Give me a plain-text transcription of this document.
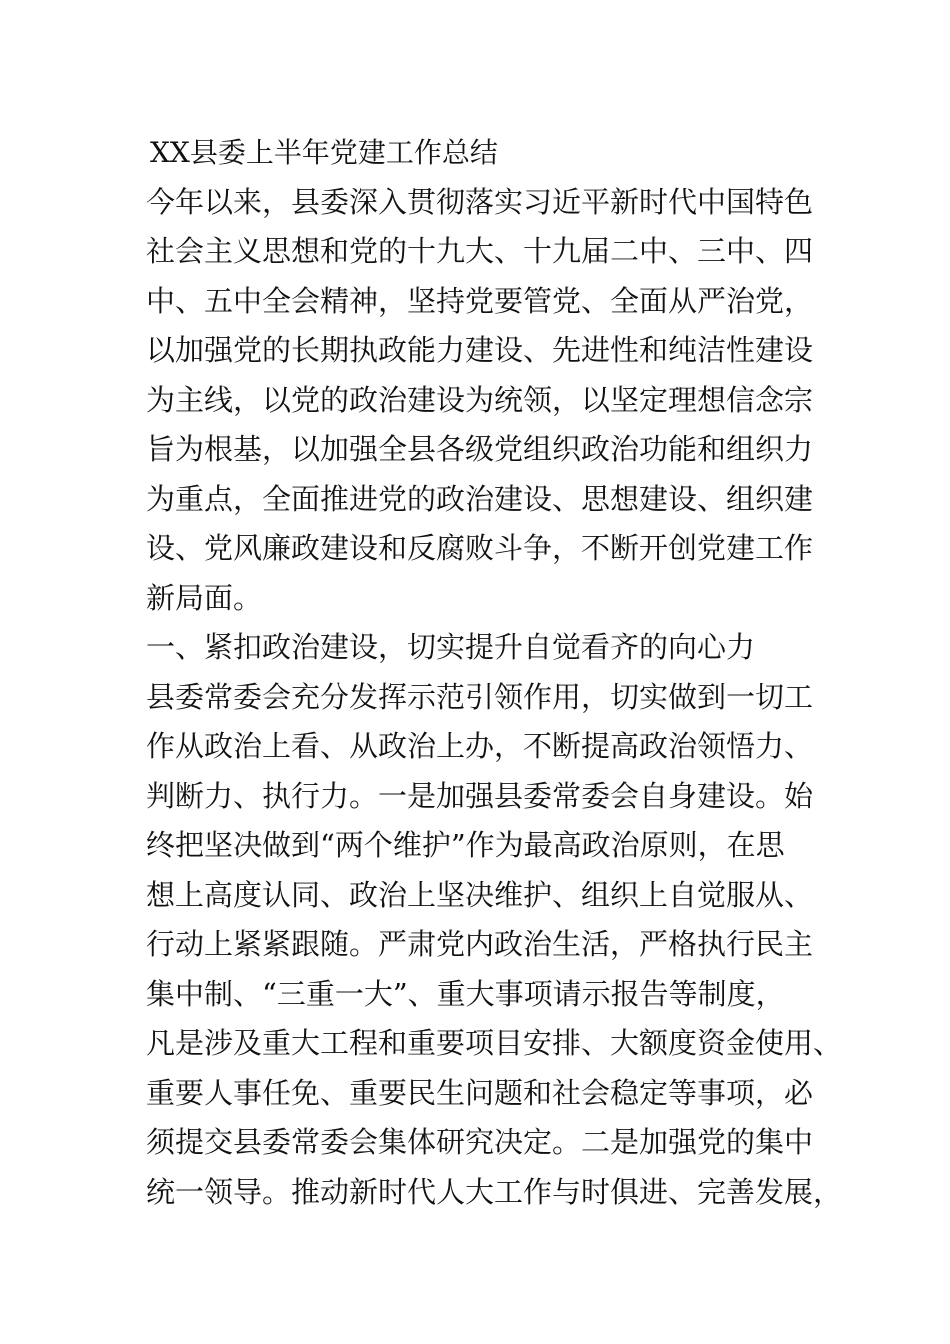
XX县委上半年党建工作总结
今年以来，县委深入贯彻落实习近平新时代中国特色
社会主义思想和党的十九大、十九届二中、三中、四
中、五中全会精神，坚持党要管党、全面从严治党，
以加强党的长期执政能力建设、先进性和纯洁性建设
为主线，以党的政治建设为统领，以坚定理想信念宗
旨为根基，以加强全县各级党组织政治功能和组织力
为重点，全面推进党的政治建设、思想建设、组织建
设、党风廉政建设和反腐败斗争，不断开创党建工作
新局面。
一、紧扣政治建设，切实提升自觉看齐的向心力
县委常委会充分发挥示范引领作用，切实做到一切工
作从政治上看、从政治上办，不断提高政治领悟力、
判断力、执行力。一是加强县委常委会自身建设。始
终把坚决做到“两个维护”作为最高政治原则，在思
想上高度认同、政治上坚决维护、组织上自觉服从、
行动上紧紧跟随。严肃党内政治生活，严格执行民主
集中制、“三重一大”、重大事项请示报告等制度，
凡是涉及重大工程和重要项目安排、大额度资金使用、
重要人事任免、重要民生问题和社会稳定等事项，必
须提交县委常委会集体研究决定。二是加强党的集中
统一领导。推动新时代人大工作与时俱进、完善发展，
